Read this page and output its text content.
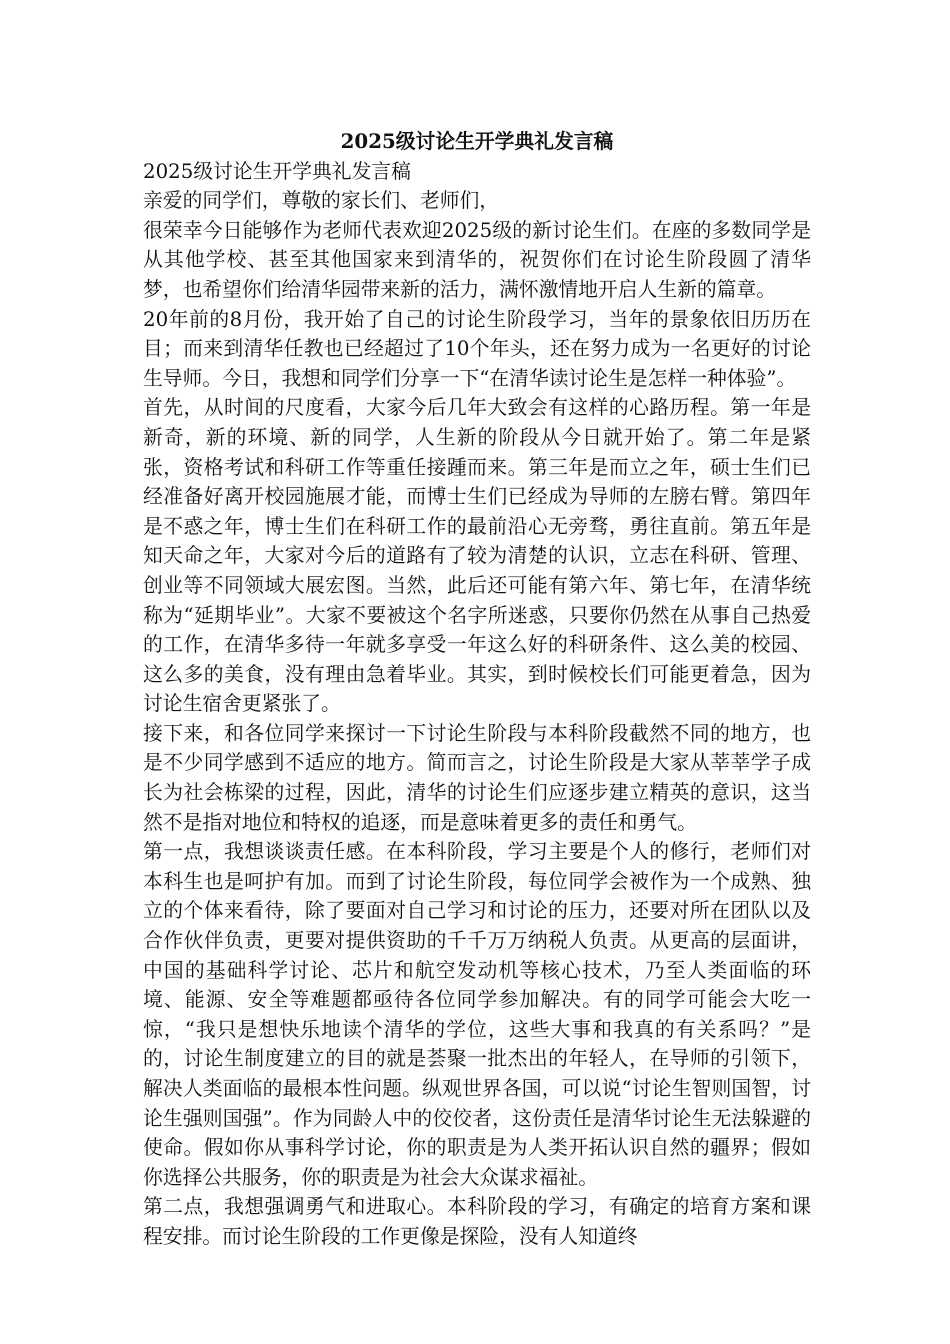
2025级讨论生开学典礼发言稿

2025级讨论生开学典礼发言稿

亲爱的同学们，尊敬的家长们、老师们，

很荣幸今日能够作为老师代表欢迎2025级的新讨论生们。在座的多数同学是从其他学校、甚至其他国家来到清华的，祝贺你们在讨论生阶段圆了清华梦，也希望你们给清华园带来新的活力，满怀激情地开启人生新的篇章。

20年前的8月份，我开始了自己的讨论生阶段学习，当年的景象依旧历历在目；而来到清华任教也已经超过了10个年头，还在努力成为一名更好的讨论生导师。今日，我想和同学们分享一下“在清华读讨论生是怎样一种体验”。

首先，从时间的尺度看，大家今后几年大致会有这样的心路历程。第一年是新奇，新的环境、新的同学，人生新的阶段从今日就开始了。第二年是紧张，资格考试和科研工作等重任接踵而来。第三年是而立之年，硕士生们已经准备好离开校园施展才能，而博士生们已经成为导师的左膀右臂。第四年是不惑之年，博士生们在科研工作的最前沿心无旁骛，勇往直前。第五年是知天命之年，大家对今后的道路有了较为清楚的认识，立志在科研、管理、创业等不同领域大展宏图。当然，此后还可能有第六年、第七年，在清华统称为“延期毕业”。大家不要被这个名字所迷惑，只要你仍然在从事自己热爱的工作，在清华多待一年就多享受一年这么好的科研条件、这么美的校园、这么多的美食，没有理由急着毕业。其实，到时候校长们可能更着急，因为讨论生宿舍更紧张了。

接下来，和各位同学来探讨一下讨论生阶段与本科阶段截然不同的地方，也是不少同学感到不适应的地方。简而言之，讨论生阶段是大家从莘莘学子成长为社会栋梁的过程，因此，清华的讨论生们应逐步建立精英的意识，这当然不是指对地位和特权的追逐，而是意味着更多的责任和勇气。

第一点，我想谈谈责任感。在本科阶段，学习主要是个人的修行，老师们对本科生也是呵护有加。而到了讨论生阶段，每位同学会被作为一个成熟、独立的个体来看待，除了要面对自己学习和讨论的压力，还要对所在团队以及合作伙伴负责，更要对提供资助的千千万万纳税人负责。从更高的层面讲，中国的基础科学讨论、芯片和航空发动机等核心技术，乃至人类面临的环境、能源、安全等难题都亟待各位同学参加解决。有的同学可能会大吃一惊，“我只是想快乐地读个清华的学位，这些大事和我真的有关系吗？”是的，讨论生制度建立的目的就是荟聚一批杰出的年轻人，在导师的引领下，解决人类面临的最根本性问题。纵观世界各国，可以说“讨论生智则国智，讨论生强则国强”。作为同龄人中的佼佼者，这份责任是清华讨论生无法躲避的使命。假如你从事科学讨论，你的职责是为人类开拓认识自然的疆界；假如你选择公共服务，你的职责是为社会大众谋求福祉。

第二点，我想强调勇气和进取心。本科阶段的学习，有确定的培育方案和课程安排。而讨论生阶段的工作更像是探险，没有人知道终
